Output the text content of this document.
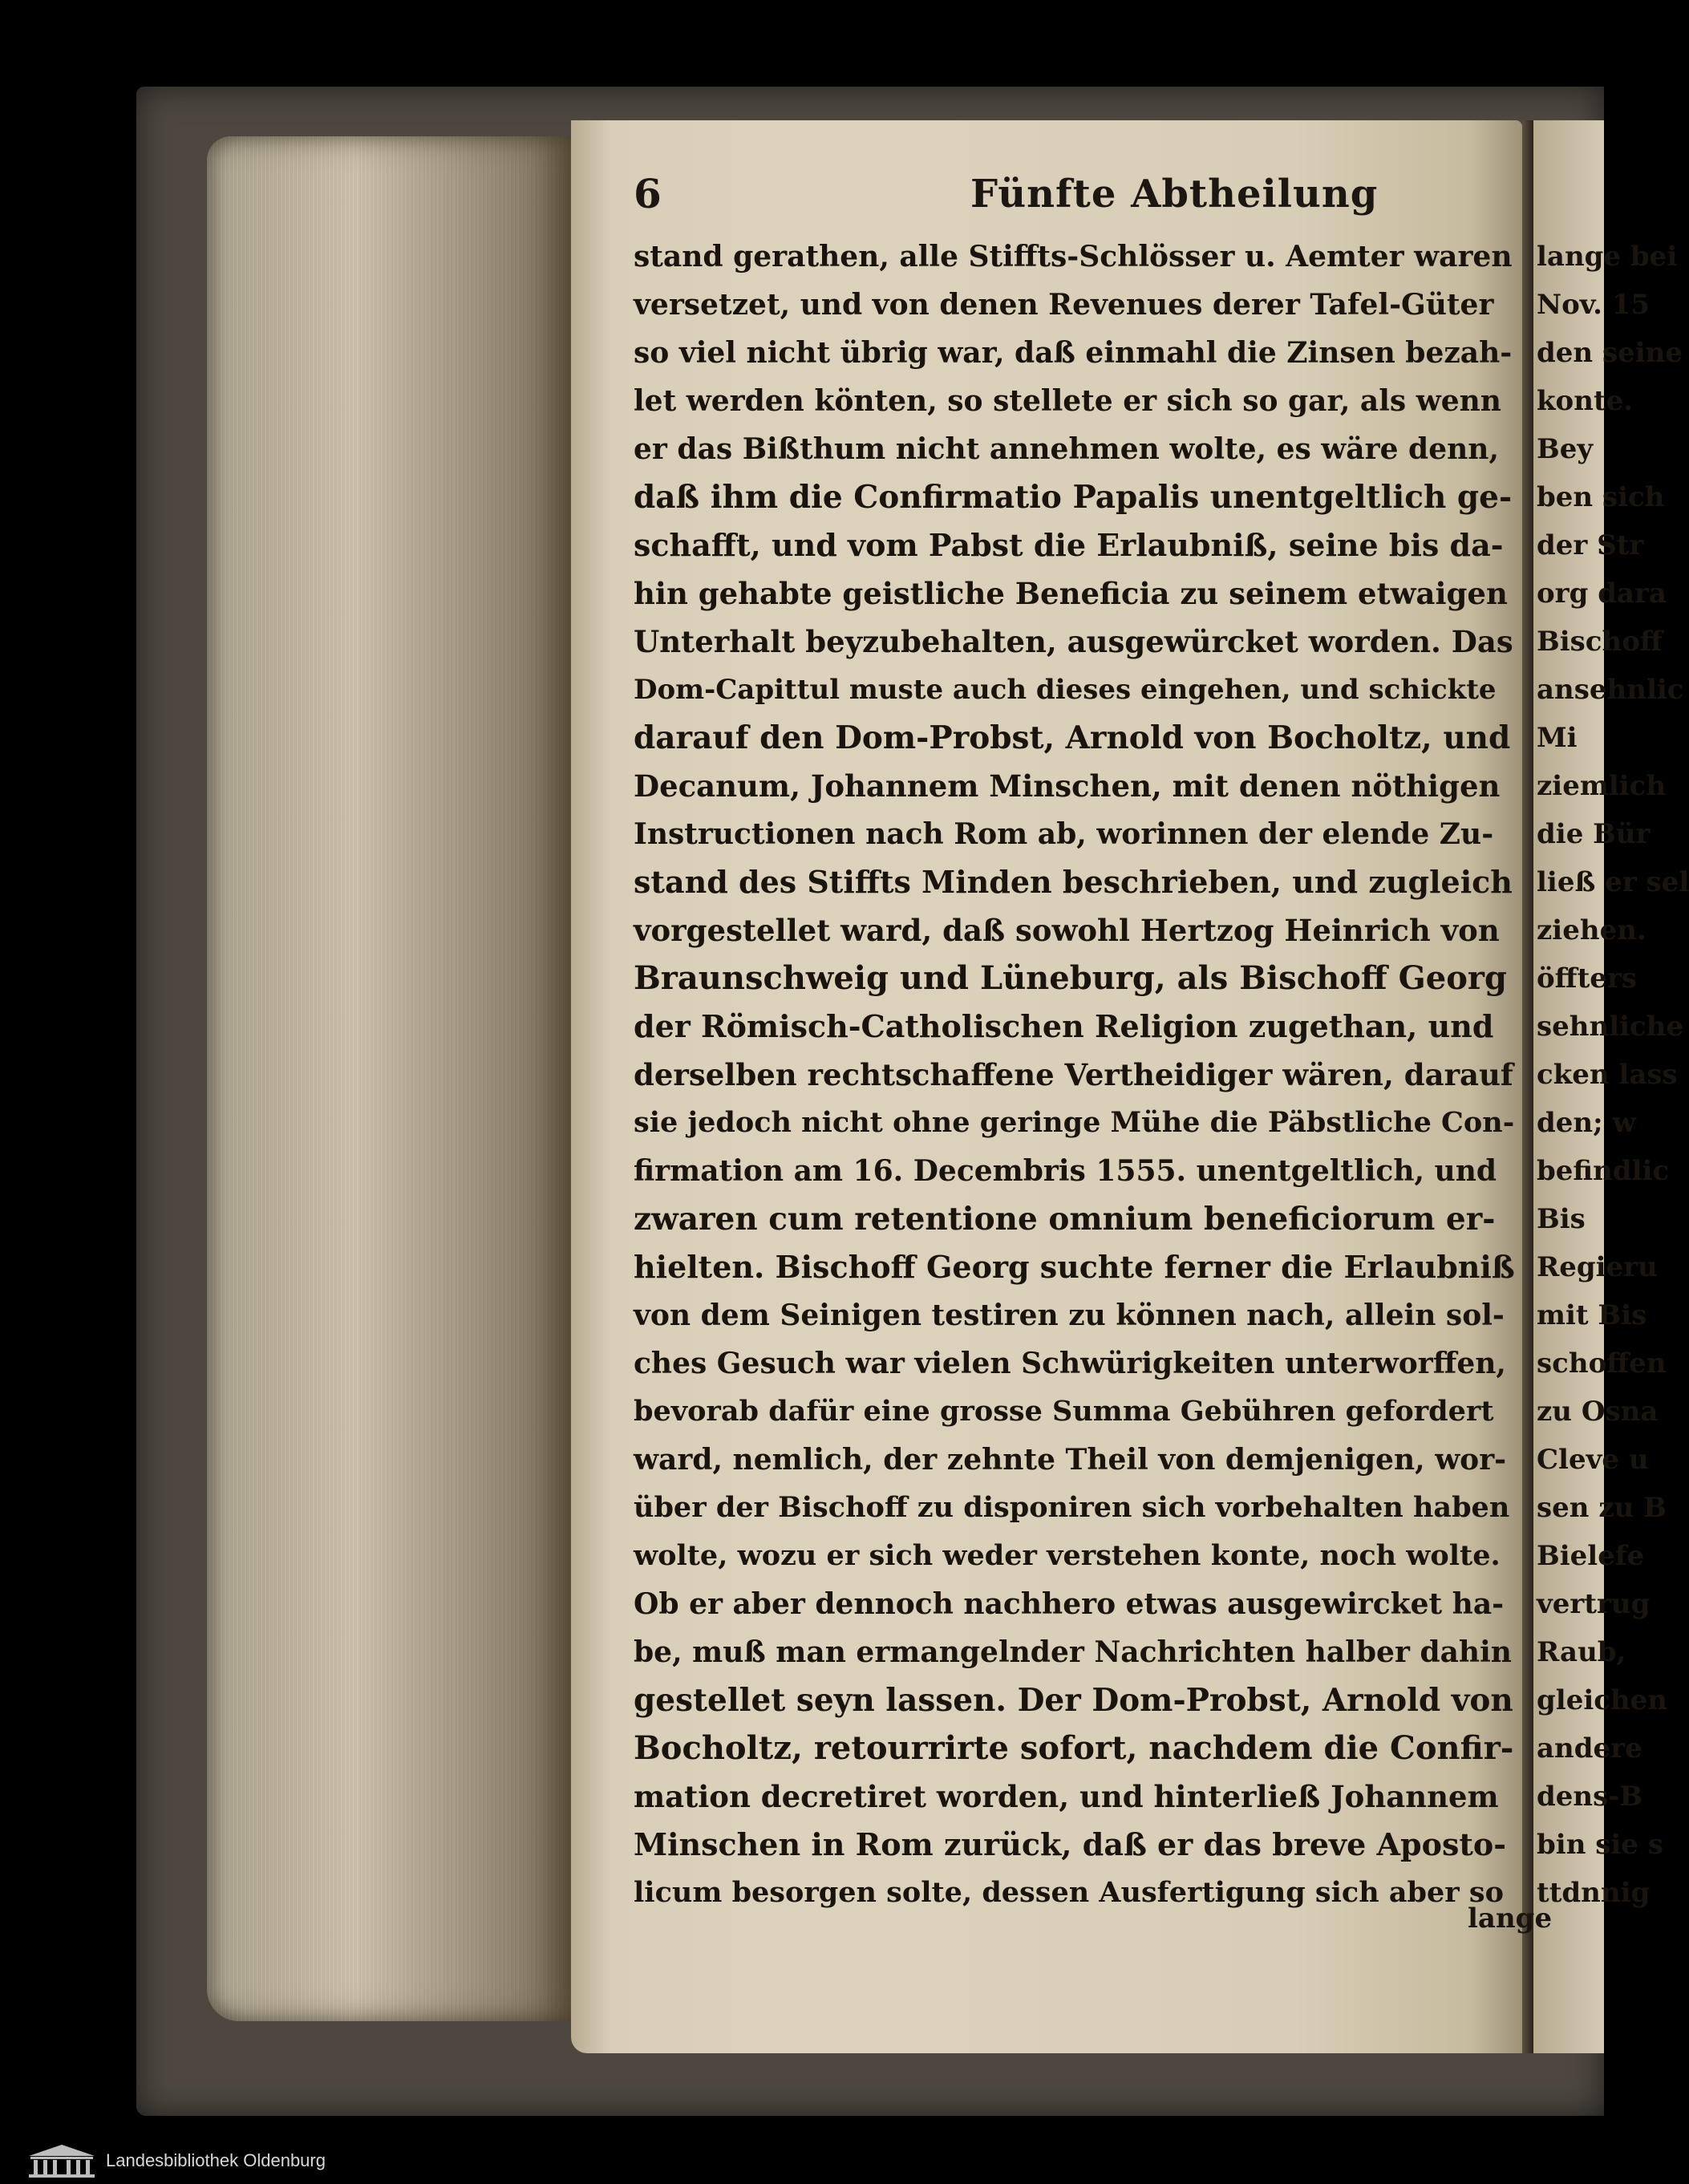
lange bei
Nov. 15
den seine
konte.
Bey
ben sich
der Str
org dara
Bischoff
ansehnlic
Mi
ziemlich
die Bür
ließ er sel
ziehen.
öffters
sehnliche
cken lass
den; w
befindlic
Bis
Regieru
mit Bis
schoffen
zu Osna
Cleve u
sen zu B
Bielefe
vertrug
Raub,
gleichen
andere
dens-B
bin sie s
ttdnnig
6	Fünfte Abtheilung
stand gerathen, alle Stiffts-Schlösser u. Aemter waren
versetzet, und von denen Revenues derer Tafel-Güter
so viel nicht übrig war, daß einmahl die Zinsen bezah-
let werden könten, so stellete er sich so gar, als wenn
er das Bißthum nicht annehmen wolte, es wäre denn,
daß ihm die Confirmatio Papalis unentgeltlich ge-
schafft, und vom Pabst die Erlaubniß, seine bis da-
hin gehabte geistliche Beneficia zu seinem etwaigen
Unterhalt beyzubehalten, ausgewürcket worden. Das
Dom-Capittul muste auch dieses eingehen, und schickte
darauf den Dom-Probst, Arnold von Bocholtz, und
Decanum, Johannem Minschen, mit denen nöthigen
Instructionen nach Rom ab, worinnen der elende Zu-
stand des Stiffts Minden beschrieben, und zugleich
vorgestellet ward, daß sowohl Hertzog Heinrich von
Braunschweig und Lüneburg, als Bischoff Georg
der Römisch-Catholischen Religion zugethan, und
derselben rechtschaffene Vertheidiger wären, darauf
sie jedoch nicht ohne geringe Mühe die Päbstliche Con-
firmation am 16. Decembris 1555. unentgeltlich, und
zwaren cum retentione omnium beneficiorum er-
hielten. Bischoff Georg suchte ferner die Erlaubniß
von dem Seinigen testiren zu können nach, allein sol-
ches Gesuch war vielen Schwürigkeiten unterworffen,
bevorab dafür eine grosse Summa Gebühren gefordert
ward, nemlich, der zehnte Theil von demjenigen, wor-
über der Bischoff zu disponiren sich vorbehalten haben
wolte, wozu er sich weder verstehen konte, noch wolte.
Ob er aber dennoch nachhero etwas ausgewircket ha-
be, muß man ermangelnder Nachrichten halber dahin
gestellet seyn lassen. Der Dom-Probst, Arnold von
Bocholtz, retourrirte sofort, nachdem die Confir-
mation decretiret worden, und hinterließ Johannem
Minschen in Rom zurück, daß er das breve Aposto-
licum besorgen solte, dessen Ausfertigung sich aber so
lange
Landesbibliothek Oldenburg
